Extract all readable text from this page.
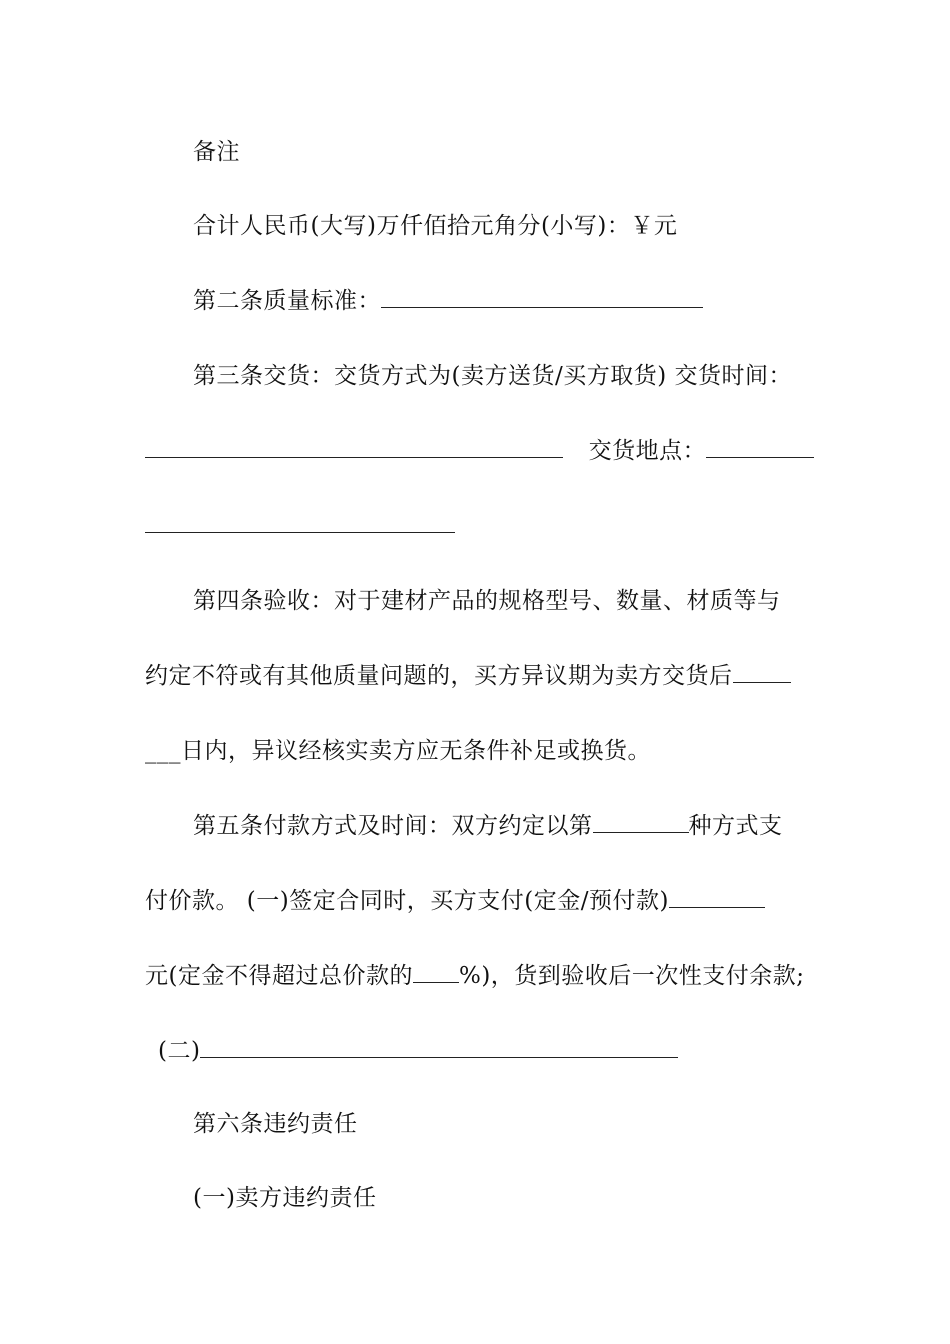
备注
合计人民币(大写)万仟佰拾元角分(小写)：￥元
第二条质量标准：
第三条交货：交货方式为(卖方送货/买方取货) 交货时间：
交货地点：
第四条验收：对于建材产品的规格型号、数量、材质等与
约定不符或有其他质量问题的，买方异议期为卖方交货后
___日内，异议经核实卖方应无条件补足或换货。
第五条付款方式及时间：双方约定以第	种方式支
付价款。 (一)签定合同时，买方支付(定金/预付款)
元(定金不得超过总价款的 %)，货到验收后一次性支付余款;
(二)
第六条违约责任
(一)卖方违约责任
